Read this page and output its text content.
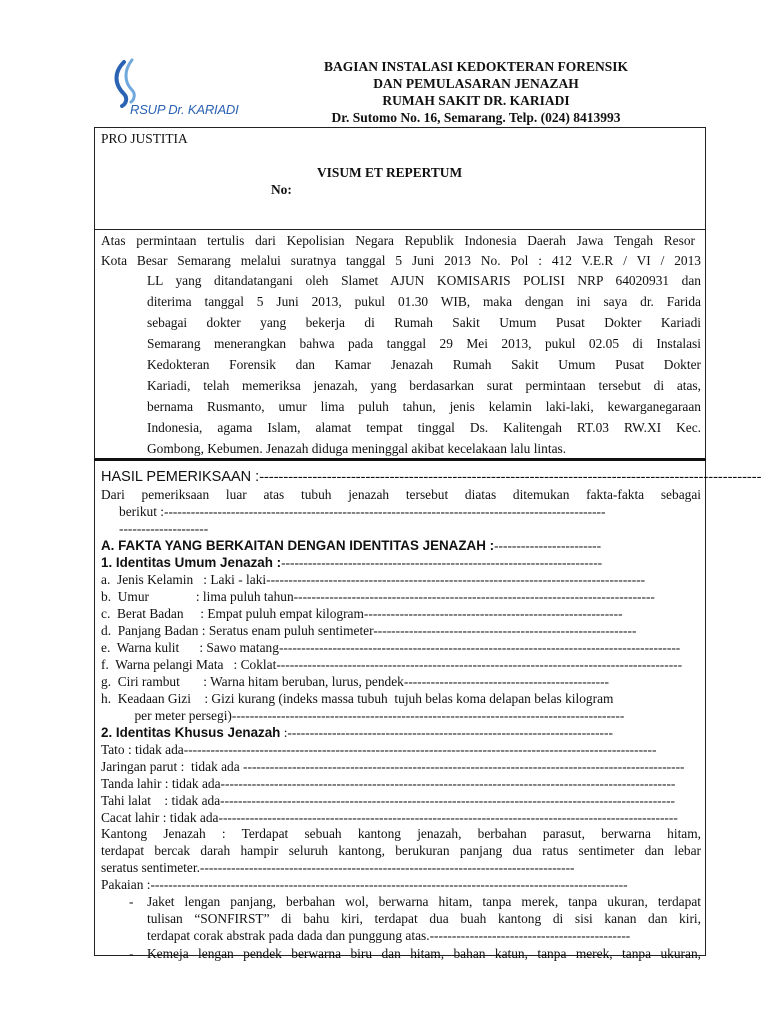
RSUP Dr. KARIADI
BAGIAN INSTALASI KEDOKTERAN FORENSIK
DAN PEMULASARAN JENAZAH
RUMAH SAKIT DR. KARIADI
Dr. Sutomo No. 16, Semarang. Telp. (024) 8413993
PRO JUSTITIA
VISUM ET REPERTUM
No:
Atas permintaan tertulis dari Kepolisian Negara Republik Indonesia Daerah Jawa Tengah Resor
Kota Besar Semarang melalui suratnya tanggal 5 Juni 2013 No. Pol : 412 V.E.R / VI / 2013
LL yang ditandatangani oleh Slamet AJUN KOMISARIS POLISI NRP 64020931 dan
diterima tanggal 5 Juni 2013, pukul 01.30 WIB, maka dengan ini saya dr. Farida
sebagai dokter yang bekerja di Rumah Sakit Umum Pusat Dokter Kariadi
Semarang menerangkan bahwa pada tanggal 29 Mei 2013, pukul 02.05 di Instalasi
Kedokteran Forensik dan Kamar Jenazah Rumah Sakit Umum Pusat Dokter
Kariadi, telah memeriksa jenazah, yang berdasarkan surat permintaan tersebut di atas,
bernama Rusmanto, umur lima puluh tahun, jenis kelamin laki-laki, kewarganegaraan
Indonesia, agama Islam, alamat tempat tinggal Ds. Kalitengah RT.03 RW.XI Kec.
Gombong, Kebumen. Jenazah diduga meninggal akibat kecelakaan lalu lintas.
HASIL PEMERIKSAAN :--------------------------------------------------------------------------------------------------------
Dari pemeriksaan luar atas tubuh jenazah tersebut diatas ditemukan fakta-fakta sebagai
berikut :---------------------------------------------------------------------------------------------------
--------------------
A. FAKTA YANG BERKAITAN DENGAN IDENTITAS JENAZAH :------------------------
1. Identitas Umum Jenazah :------------------------------------------------------------------------
a.  Jenis Kelamin   : Laki - laki-------------------------------------------------------------------------------------
b.  Umur              : lima puluh tahun---------------------------------------------------------------------------------
c.  Berat Badan     : Empat puluh empat kilogram----------------------------------------------------------
d.  Panjang Badan : Seratus enam puluh sentimeter-----------------------------------------------------------
e.  Warna kulit      : Sawo matang------------------------------------------------------------------------------------------
f.  Warna pelangi Mata   : Coklat-------------------------------------------------------------------------------------------
g.  Ciri rambut       : Warna hitam beruban, lurus, pendek----------------------------------------------
h.  Keadaan Gizi    : Gizi kurang (indeks massa tubuh  tujuh belas koma delapan belas kilogram
per meter persegi)----------------------------------------------------------------------------------------
2. Identitas Khusus Jenazah :-------------------------------------------------------------------------
Tato : tidak ada----------------------------------------------------------------------------------------------------------
Jaringan parut :  tidak ada ---------------------------------------------------------------------------------------------------
Tanda lahir : tidak ada------------------------------------------------------------------------------------------------------
Tahi lalat    : tidak ada------------------------------------------------------------------------------------------------------
Cacat lahir : tidak ada-------------------------------------------------------------------------------------------------------
Kantong Jenazah : Terdapat sebuah kantong jenazah, berbahan parasut, berwarna hitam,
terdapat bercak darah hampir seluruh kantong, berukuran panjang dua ratus sentimeter dan lebar
seratus sentimeter.------------------------------------------------------------------------------------
Pakaian :-----------------------------------------------------------------------------------------------------------
- Jaket lengan panjang, berbahan wol, berwarna hitam, tanpa merek, tanpa ukuran, terdapat
tulisan “SONFIRST” di bahu kiri, terdapat dua buah kantong di sisi kanan dan kiri,
terdapat corak abstrak pada dada dan punggung atas.---------------------------------------------
- Kemeja lengan pendek berwarna biru dan hitam, bahan katun, tanpa merek, tanpa ukuran,
